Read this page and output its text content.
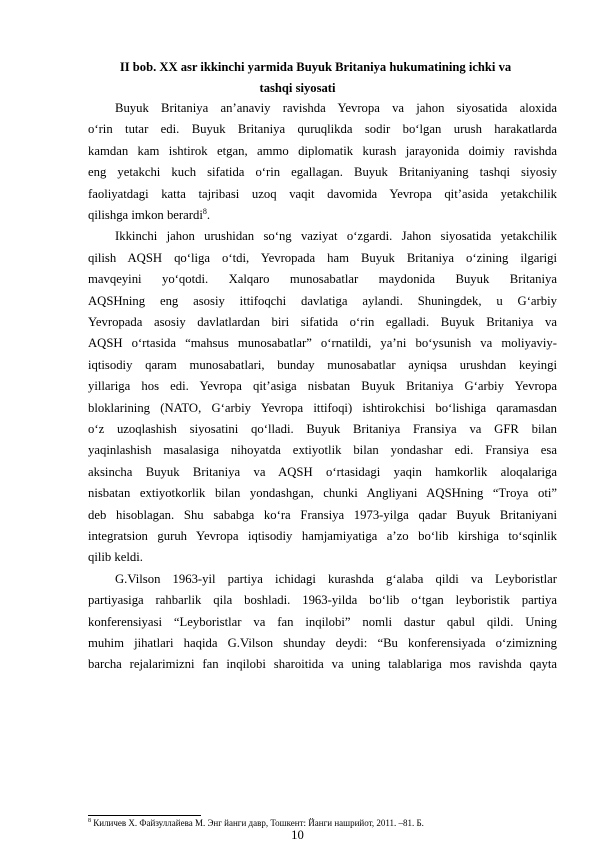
II bob. XX asr ikkinchi yarmida Buyuk Britaniya hukumatining ichki va
tashqi siyosati
Buyuk Britaniya an’anaviy ravishda Yevropa va jahon siyosatida aloxida
o‘rin tutar edi. Buyuk Britaniya quruqlikda sodir bo‘lgan urush harakatlarda
kamdan kam ishtirok etgan, ammo diplomatik kurash jarayonida doimiy ravishda
eng yetakchi kuch sifatida o‘rin egallagan. Buyuk Britaniyaning tashqi siyosiy
faoliyatdagi katta tajribasi uzoq vaqit davomida Yevropa qit’asida yetakchilik
qilishga imkon berardi$^8$.
Ikkinchi jahon urushidan so‘ng vaziyat o‘zgardi. Jahon siyosatida yetakchilik
qilish AQSH qo‘liga o‘tdi, Yevropada ham Buyuk Britaniya o‘zining ilgarigi
mavqeyini yo‘qotdi. Xalqaro munosabatlar maydonida Buyuk Britaniya
AQSHning eng asosiy ittifoqchi davlatiga aylandi. Shuningdek, u G‘arbiy
Yevropada asosiy davlatlardan biri sifatida o‘rin egalladi. Buyuk Britaniya va
AQSH o‘rtasida “mahsus munosabatlar” o‘rnatildi, ya’ni bo‘ysunish va moliyaviy-
iqtisodiy qaram munosabatlari, bunday munosabatlar ayniqsa urushdan keyingi
yillariga hos edi. Yevropa qit’asiga nisbatan Buyuk Britaniya G‘arbiy Yevropa
bloklarining (NATO, G‘arbiy Yevropa ittifoqi) ishtirokchisi bo‘lishiga qaramasdan
o‘z uzoqlashish siyosatini qo‘lladi. Buyuk Britaniya Fransiya va GFR bilan
yaqinlashish masalasiga nihoyatda extiyotlik bilan yondashar edi. Fransiya esa
aksincha Buyuk Britaniya va AQSH o‘rtasidagi yaqin hamkorlik aloqalariga
nisbatan extiyotkorlik bilan yondashgan, chunki Angliyani AQSHning “Troya oti”
deb hisoblagan. Shu sababga ko‘ra Fransiya 1973-yilga qadar Buyuk Britaniyani
integratsion guruh Yevropa iqtisodiy hamjamiyatiga a’zo bo‘lib kirshiga to‘sqinlik
qilib keldi.
G.Vilson 1963-yil partiya ichidagi kurashda g‘alaba qildi va Leyboristlar
partiyasiga rahbarlik qila boshladi. 1963-yilda bo‘lib o‘tgan leyboristik partiya
konferensiyasi “Leyboristlar va fan inqilobi” nomli dastur qabul qildi. Uning
muhim jihatlari haqida G.Vilson shunday deydi: “Bu konferensiyada o‘zimizning
barcha rejalarimizni fan inqilobi sharoitida va uning talablariga mos ravishda qayta
$^8$ Киличев Х. Файзуллайева М. Энг йанги давр, Тошкент: Йанги нашрийот, 2011. –81. Б.
10
